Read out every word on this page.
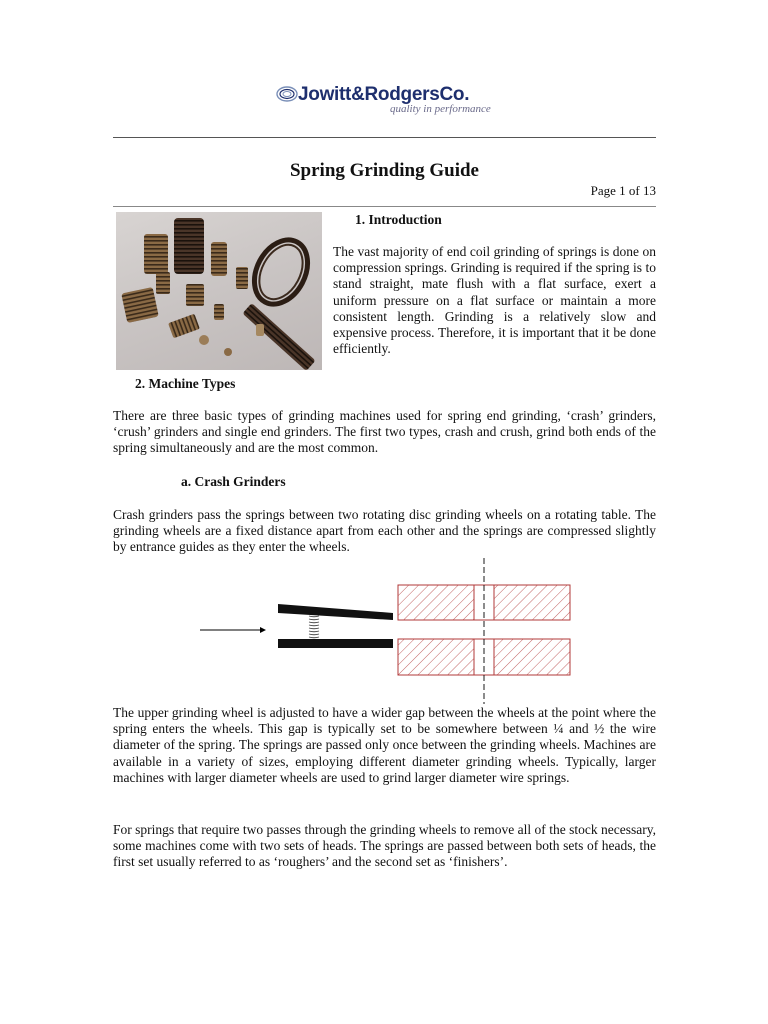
Jowitt&RodgersCo.
quality in performance
Spring Grinding Guide
Page 1 of 13
1. Introduction
The vast majority of end coil grinding of springs is done on compression springs. Grinding is required if the spring is to stand straight, mate flush with a flat surface, exert a uniform pressure on a flat surface or maintain a more consistent length. Grinding is a relatively slow and expensive process. Therefore, it is important that it be done efficiently.
2. Machine Types
There are three basic types of grinding machines used for spring end grinding, ‘crash’ grinders, ‘crush’ grinders and single end grinders. The first two types, crash and crush, grind both ends of the spring simultaneously and are the most common.
a. Crash Grinders
Crash grinders pass the springs between two rotating disc grinding wheels on a rotating table. The grinding wheels are a fixed distance apart from each other and the springs are compressed slightly by entrance guides as they enter the wheels.
The upper grinding wheel is adjusted to have a wider gap between the wheels at the point where the spring enters the wheels. This gap is typically set to be somewhere between ¼ and ½ the wire diameter of the spring. The springs are passed only once between the grinding wheels. Machines are available in a variety of sizes, employing different diameter grinding wheels. Typically, larger machines with larger diameter wheels are used to grind larger diameter wire springs.
For springs that require two passes through the grinding wheels to remove all of the stock necessary, some machines come with two sets of heads. The springs are passed between both sets of heads, the first set usually referred to as ‘roughers’ and the second set as ‘finishers’.
